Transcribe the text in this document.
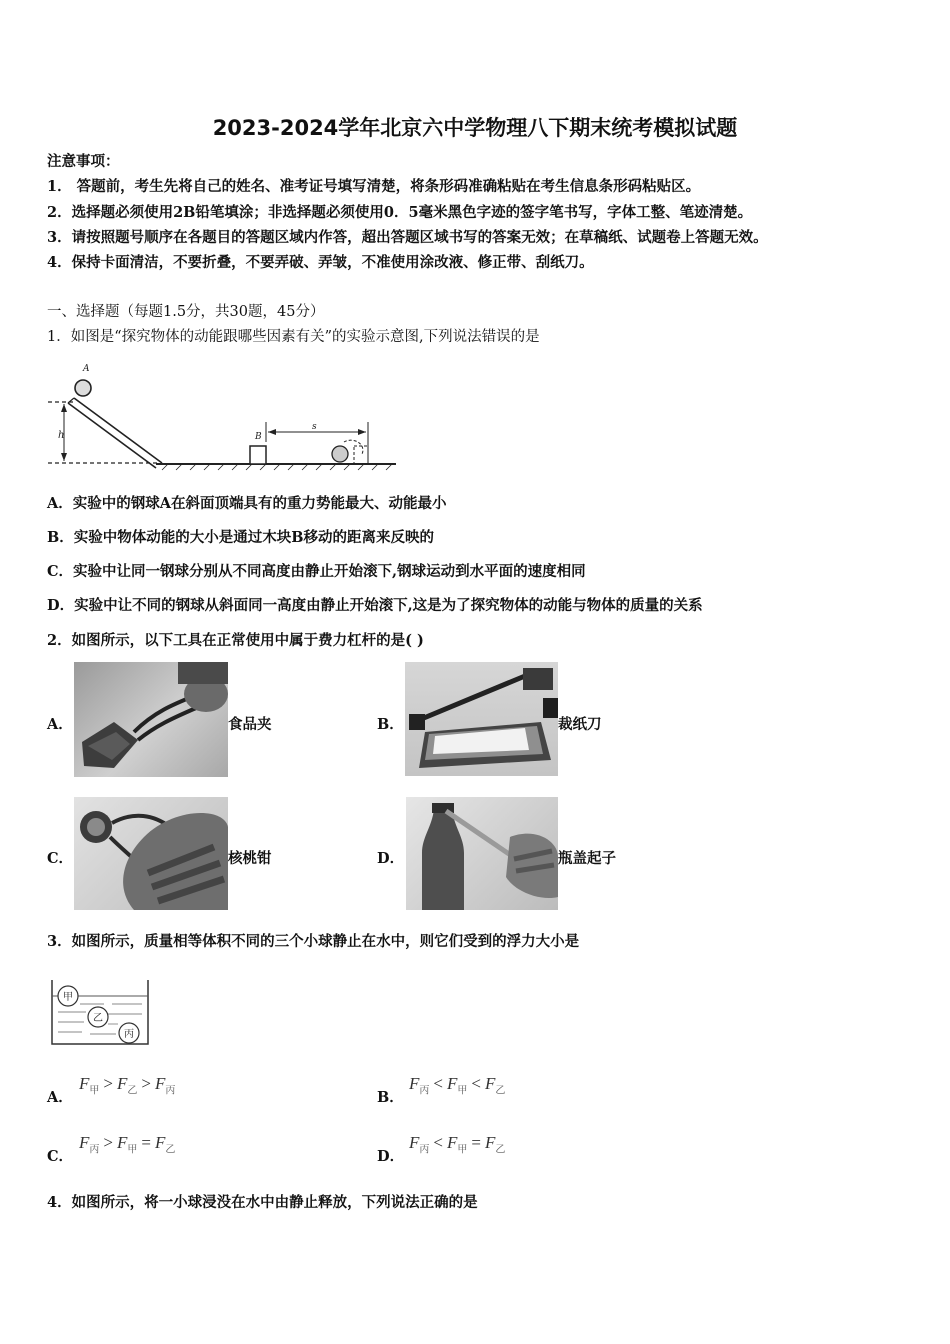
2023-2024学年北京六中学物理八下期末统考模拟试题
注意事项：
1． 答题前，考生先将自己的姓名、准考证号填写清楚，将条形码准确粘贴在考生信息条形码粘贴区。
2．选择题必须使用2B铅笔填涂；非选择题必须使用0．5毫米黑色字迹的签字笔书写，字体工整、笔迹清楚。
3．请按照题号顺序在各题目的答题区域内作答，超出答题区域书写的答案无效；在草稿纸、试题卷上答题无效。
4．保持卡面清洁，不要折叠，不要弄破、弄皱，不准使用涂改液、修正带、刮纸刀。
一、选择题（每题1.5分，共30题，45分）
1．如图是“探究物体的动能跟哪些因素有关”的实验示意图,下列说法错误的是
h
A
B
s
A．实验中的钢球A在斜面顶端具有的重力势能最大、动能最小
B．实验中物体动能的大小是通过木块B移动的距离来反映的
C．实验中让同一钢球分别从不同高度由静止开始滚下,钢球运动到水平面的速度相同
D．实验中让不同的钢球从斜面同一高度由静止开始滚下,这是为了探究物体的动能与物体的质量的关系
2．如图所示，以下工具在正常使用中属于费力杠杆的是( )
A．	食品夹	B．	裁纸刀
C．	核桃钳	D．	瓶盖起子
3．如图所示，质量相等体积不同的三个小球静止在水中，则它们受到的浮力大小是
甲
乙
丙
A．
$F_甲 > F_乙 > F_丙$	B．
$F_丙 < F_甲 < F_乙$
C．
$F_丙 > F_甲 = F_乙$	D．
$F_丙 < F_甲 = F_乙$
4．如图所示，将一小球浸没在水中由静止释放，下列说法正确的是
